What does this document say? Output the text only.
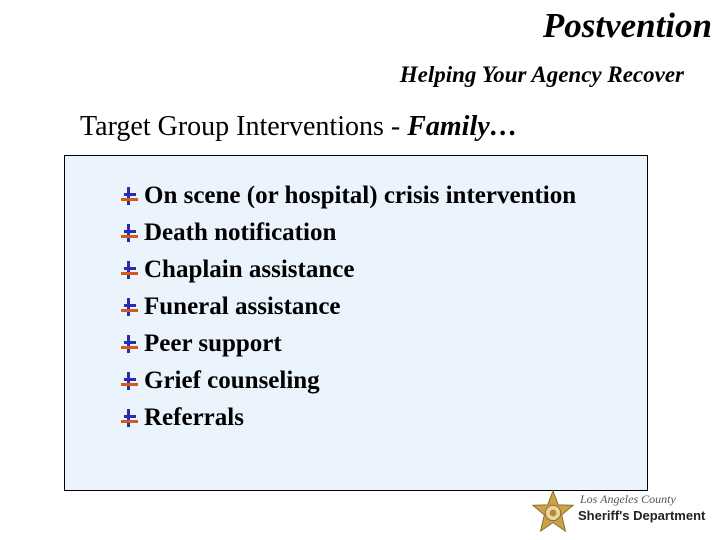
Postvention
Helping Your Agency Recover
Target Group Interventions - Family…
On scene (or hospital) crisis intervention
Death notification
Chaplain assistance
Funeral assistance
Peer support
Grief counseling
Referrals
Los Angeles County
Sheriff's Department
